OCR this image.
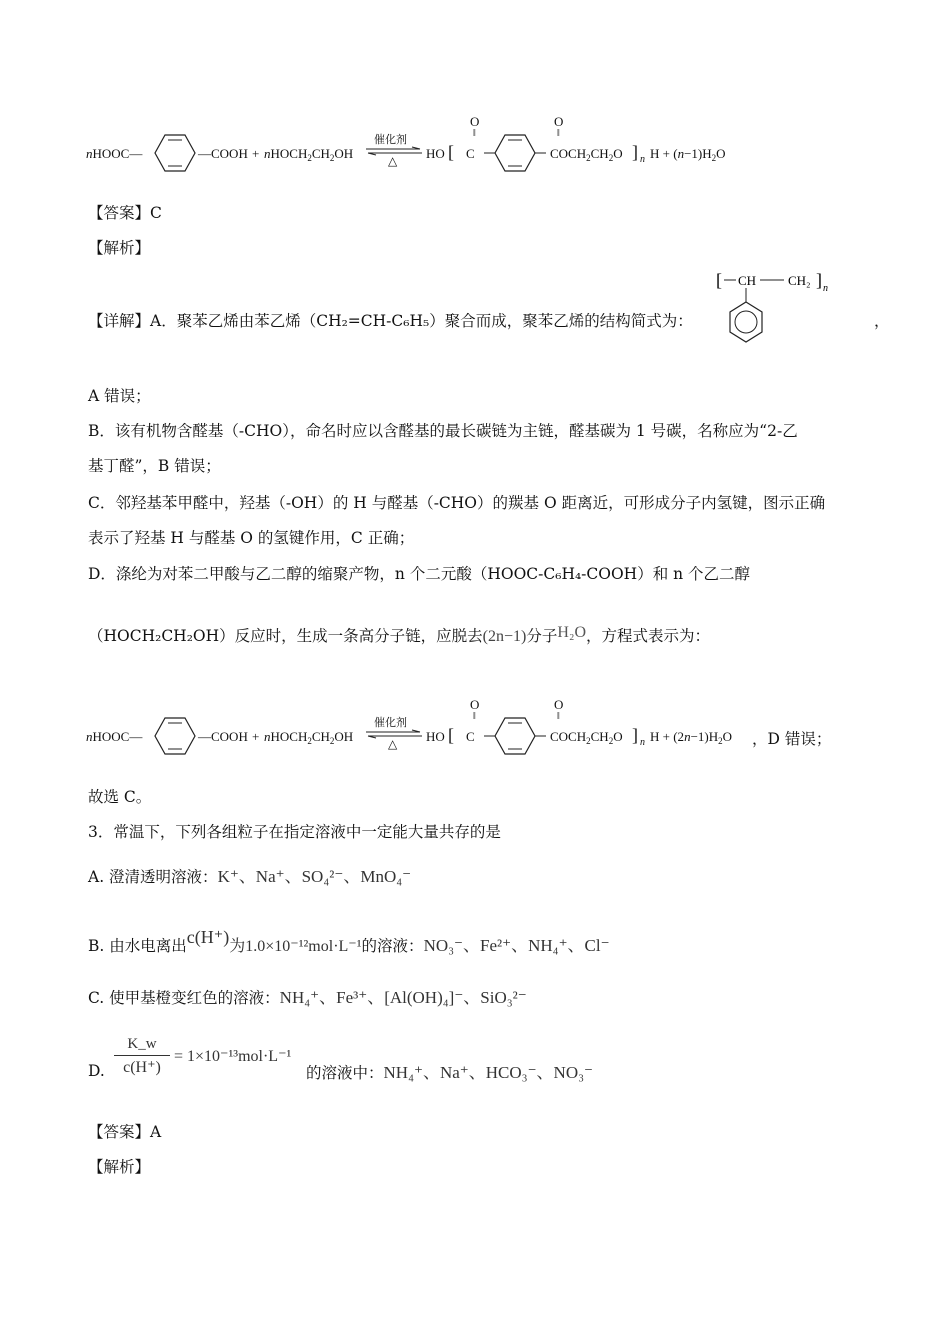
nHOOC—	—COOH + $nHOCH_2CH_2OH$
催化剂
△ HO [
O
‖
C
O
‖
$COCH_2CH_2O$ ] n $H + (n-1)H_2O$
【答案】C
【解析】
【详解】A．聚苯乙烯由苯乙烯（CH₂=CH-C₆H₅）聚合而成，聚苯乙烯的结构简式为：
[ CH CH₂ ] n
，
A 错误；
B．该有机物含醛基（-CHO），命名时应以含醛基的最长碳链为主链，醛基碳为 1 号碳，名称应为“2-乙
基丁醛”，B 错误；
C．邻羟基苯甲醛中，羟基（-OH）的 H 与醛基（-CHO）的羰基 O 距离近，可形成分子内氢键，图示正确
表示了羟基 H 与醛基 O 的氢键作用，C 正确；
D．涤纶为对苯二甲酸与乙二醇的缩聚产物，n 个二元酸（HOOC-C₆H₄-COOH）和 n 个乙二醇
（HOCH₂CH₂OH）反应时，生成一条高分子链，应脱去(2n−1)分子H₂O，方程式表示为：
nHOOC—	—COOH + $nHOCH_2CH_2OH$
催化剂
△ HO [
O
‖
C
O
‖
$COCH_2CH_2O$ ] n $H + (2n-1)H_2O$ ，D 错误；
故选 C。
3．常温下，下列各组粒子在指定溶液中一定能大量共存的是
A. 澄清透明溶液：K⁺、Na⁺、SO₄²⁻、MnO₄⁻
B. 由水电离出c(H⁺)为1.0×10⁻¹²mol·L⁻¹的溶液：NO₃⁻、Fe²⁺、NH₄⁺、Cl⁻
C. 使甲基橙变红色的溶液：NH₄⁺、Fe³⁺、[Al(OH)₄]⁻、SiO₃²⁻
D.
K_w
c(H⁺)
= 1×10⁻¹³mol·L⁻¹
的溶液中：NH₄⁺、Na⁺、HCO₃⁻、NO₃⁻
【答案】A
【解析】
